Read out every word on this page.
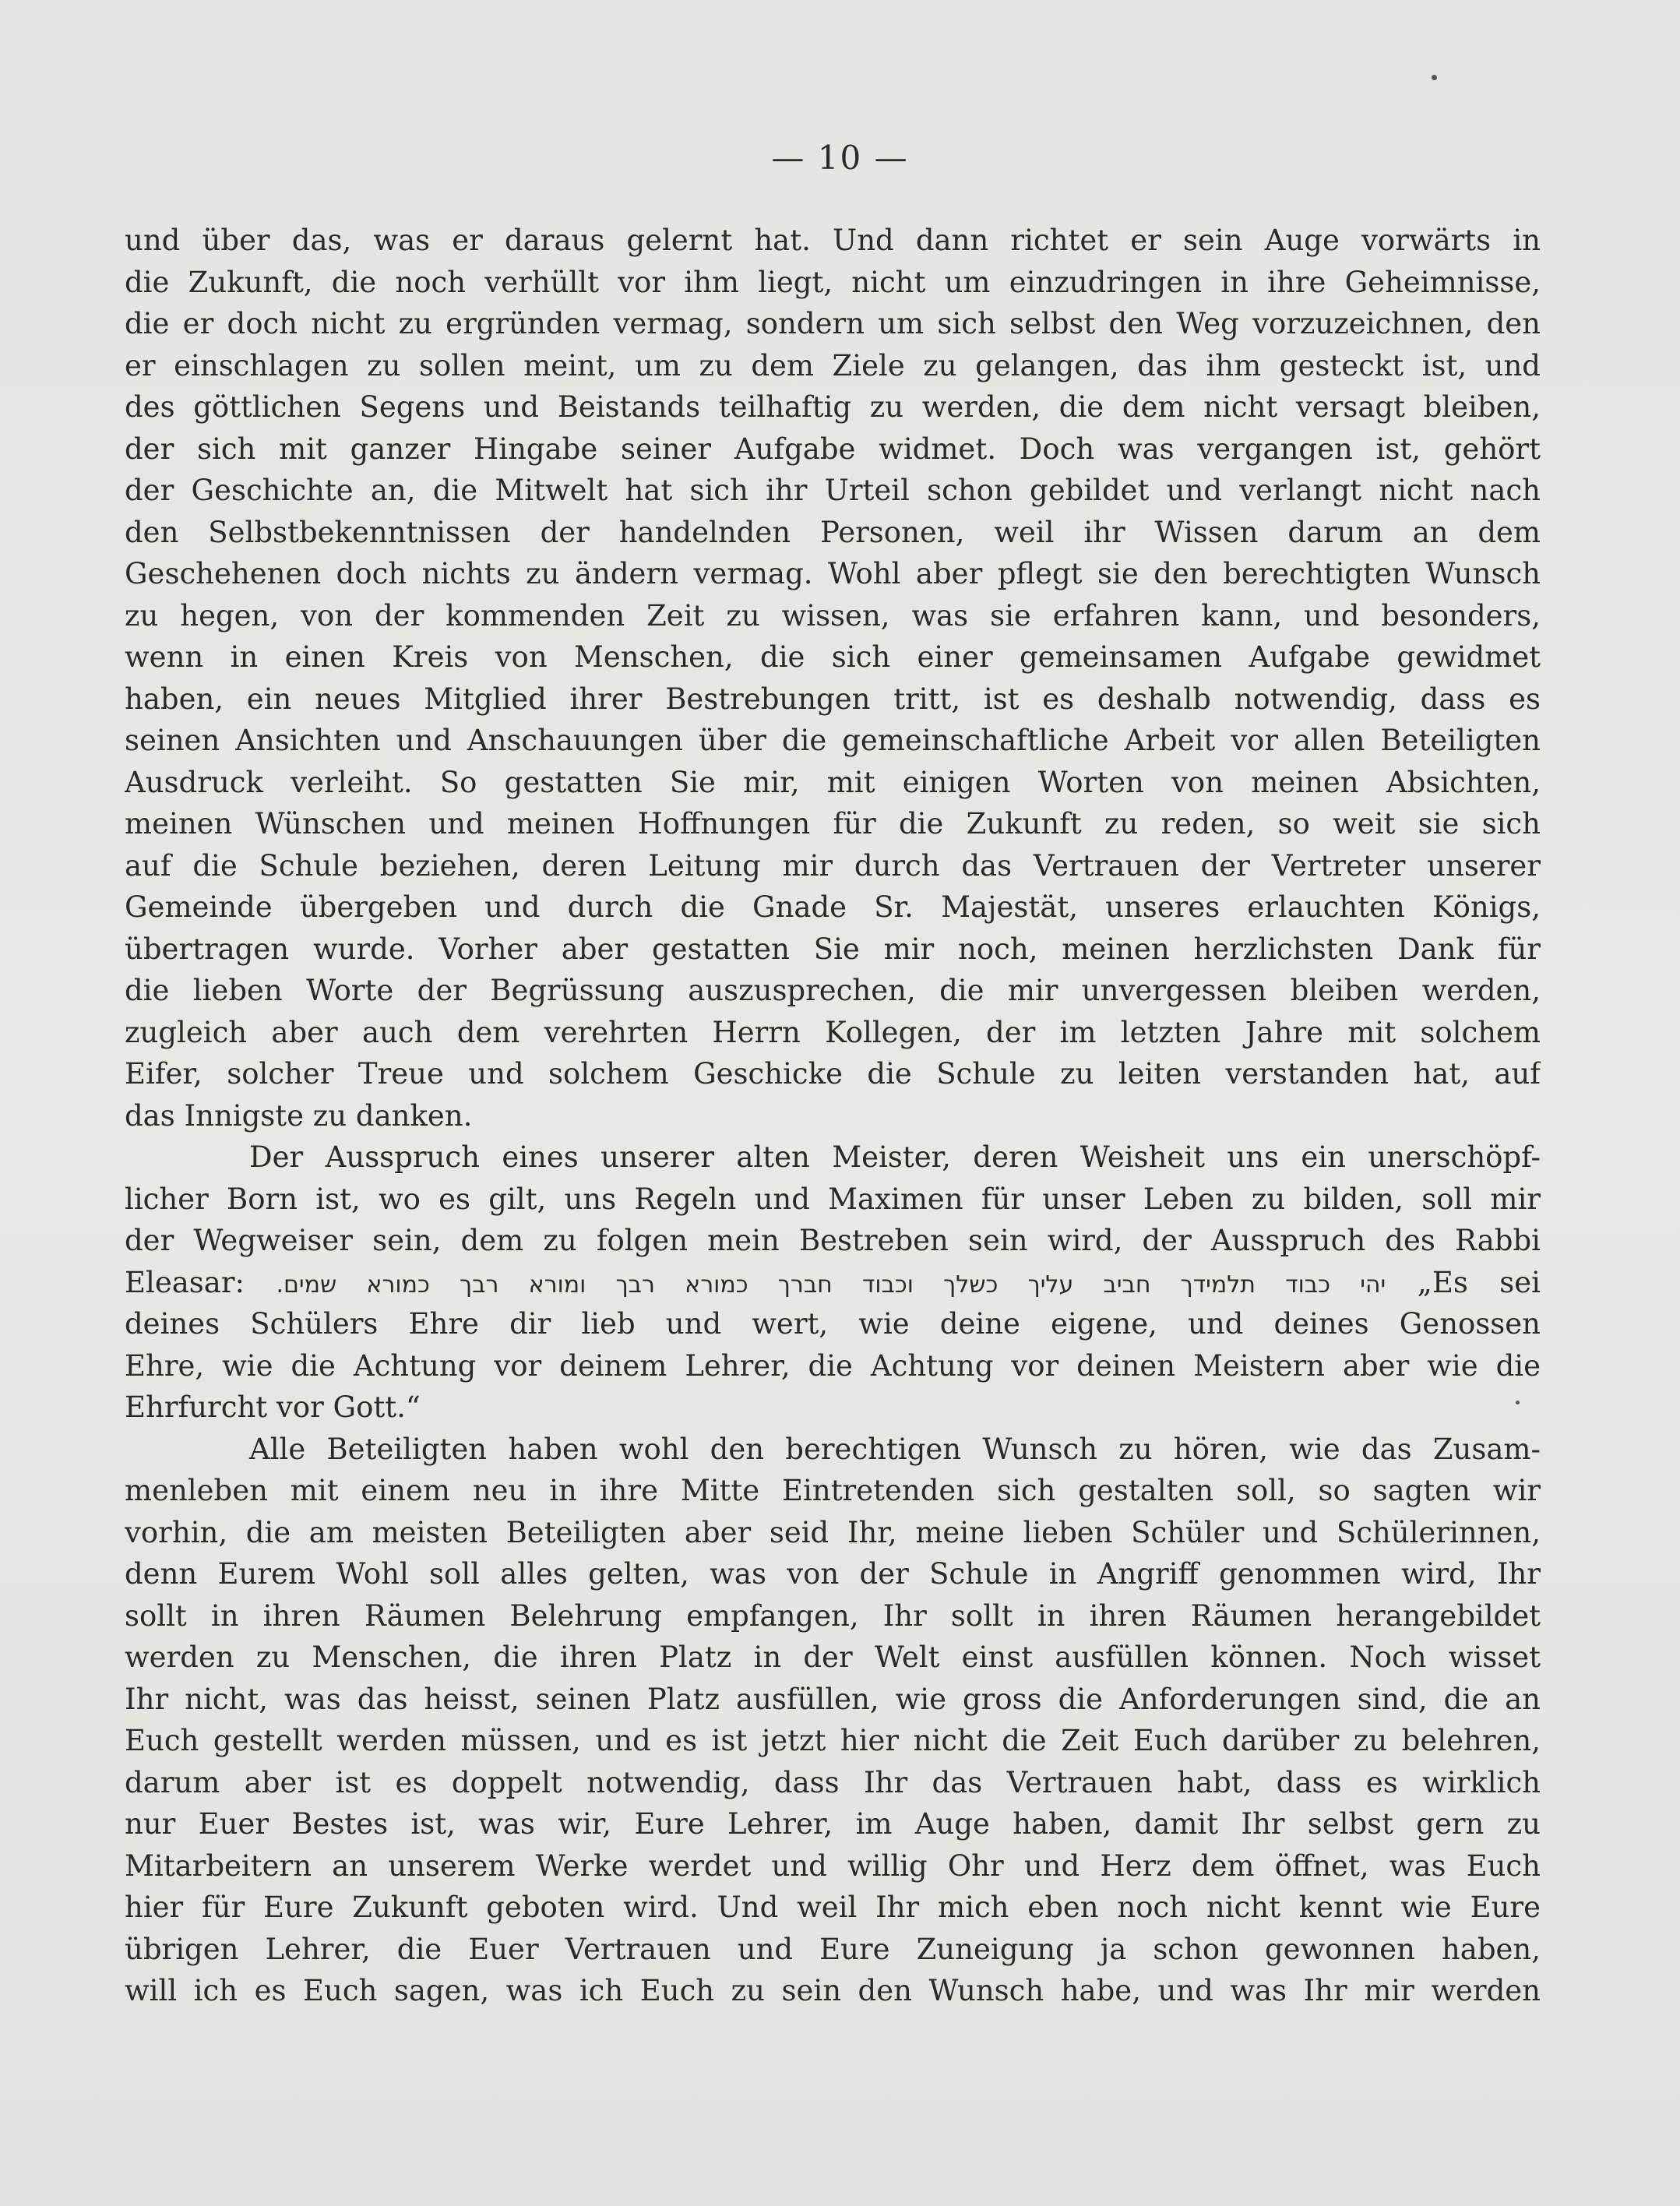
— 10 —
und über das, was er daraus gelernt hat. Und dann richtet er sein Auge vorwärts in
die Zukunft, die noch verhüllt vor ihm liegt, nicht um einzudringen in ihre Geheimnisse,
die er doch nicht zu ergründen vermag, sondern um sich selbst den Weg vorzuzeichnen, den
er einschlagen zu sollen meint, um zu dem Ziele zu gelangen, das ihm gesteckt ist, und
des göttlichen Segens und Beistands teilhaftig zu werden, die dem nicht versagt bleiben,
der sich mit ganzer Hingabe seiner Aufgabe widmet. Doch was vergangen ist, gehört
der Geschichte an, die Mitwelt hat sich ihr Urteil schon gebildet und verlangt nicht nach
den Selbstbekenntnissen der handelnden Personen, weil ihr Wissen darum an dem
Geschehenen doch nichts zu ändern vermag. Wohl aber pflegt sie den berechtigten Wunsch
zu hegen, von der kommenden Zeit zu wissen, was sie erfahren kann, und besonders,
wenn in einen Kreis von Menschen, die sich einer gemeinsamen Aufgabe gewidmet
haben, ein neues Mitglied ihrer Bestrebungen tritt, ist es deshalb notwendig, dass es
seinen Ansichten und Anschauungen über die gemeinschaftliche Arbeit vor allen Beteiligten
Ausdruck verleiht. So gestatten Sie mir, mit einigen Worten von meinen Absichten,
meinen Wünschen und meinen Hoffnungen für die Zukunft zu reden, so weit sie sich
auf die Schule beziehen, deren Leitung mir durch das Vertrauen der Vertreter unserer
Gemeinde übergeben und durch die Gnade Sr. Majestät, unseres erlauchten Königs,
übertragen wurde. Vorher aber gestatten Sie mir noch, meinen herzlichsten Dank für
die lieben Worte der Begrüssung auszusprechen, die mir unvergessen bleiben werden,
zugleich aber auch dem verehrten Herrn Kollegen, der im letzten Jahre mit solchem
Eifer, solcher Treue und solchem Geschicke die Schule zu leiten verstanden hat, auf
das Innigste zu danken.
Der Ausspruch eines unserer alten Meister, deren Weisheit uns ein unerschöpf-
licher Born ist, wo es gilt, uns Regeln und Maximen für unser Leben zu bilden, soll mir
der Wegweiser sein, dem zu folgen mein Bestreben sein wird, der Ausspruch des Rabbi
Eleasar: יהי כבוד תלמידך חביב עליך כשלך וכבוד חברך כמורא רבך ומורא רבך כמורא שמים. „Es sei
deines Schülers Ehre dir lieb und wert, wie deine eigene, und deines Genossen
Ehre, wie die Achtung vor deinem Lehrer, die Achtung vor deinen Meistern aber wie die
Ehrfurcht vor Gott.“
Alle Beteiligten haben wohl den berechtigen Wunsch zu hören, wie das Zusam-
menleben mit einem neu in ihre Mitte Eintretenden sich gestalten soll, so sagten wir
vorhin, die am meisten Beteiligten aber seid Ihr, meine lieben Schüler und Schülerinnen,
denn Eurem Wohl soll alles gelten, was von der Schule in Angriff genommen wird, Ihr
sollt in ihren Räumen Belehrung empfangen, Ihr sollt in ihren Räumen herangebildet
werden zu Menschen, die ihren Platz in der Welt einst ausfüllen können. Noch wisset
Ihr nicht, was das heisst, seinen Platz ausfüllen, wie gross die Anforderungen sind, die an
Euch gestellt werden müssen, und es ist jetzt hier nicht die Zeit Euch darüber zu belehren,
darum aber ist es doppelt notwendig, dass Ihr das Vertrauen habt, dass es wirklich
nur Euer Bestes ist, was wir, Eure Lehrer, im Auge haben, damit Ihr selbst gern zu
Mitarbeitern an unserem Werke werdet und willig Ohr und Herz dem öffnet, was Euch
hier für Eure Zukunft geboten wird. Und weil Ihr mich eben noch nicht kennt wie Eure
übrigen Lehrer, die Euer Vertrauen und Eure Zuneigung ja schon gewonnen haben,
will ich es Euch sagen, was ich Euch zu sein den Wunsch habe, und was Ihr mir werden
